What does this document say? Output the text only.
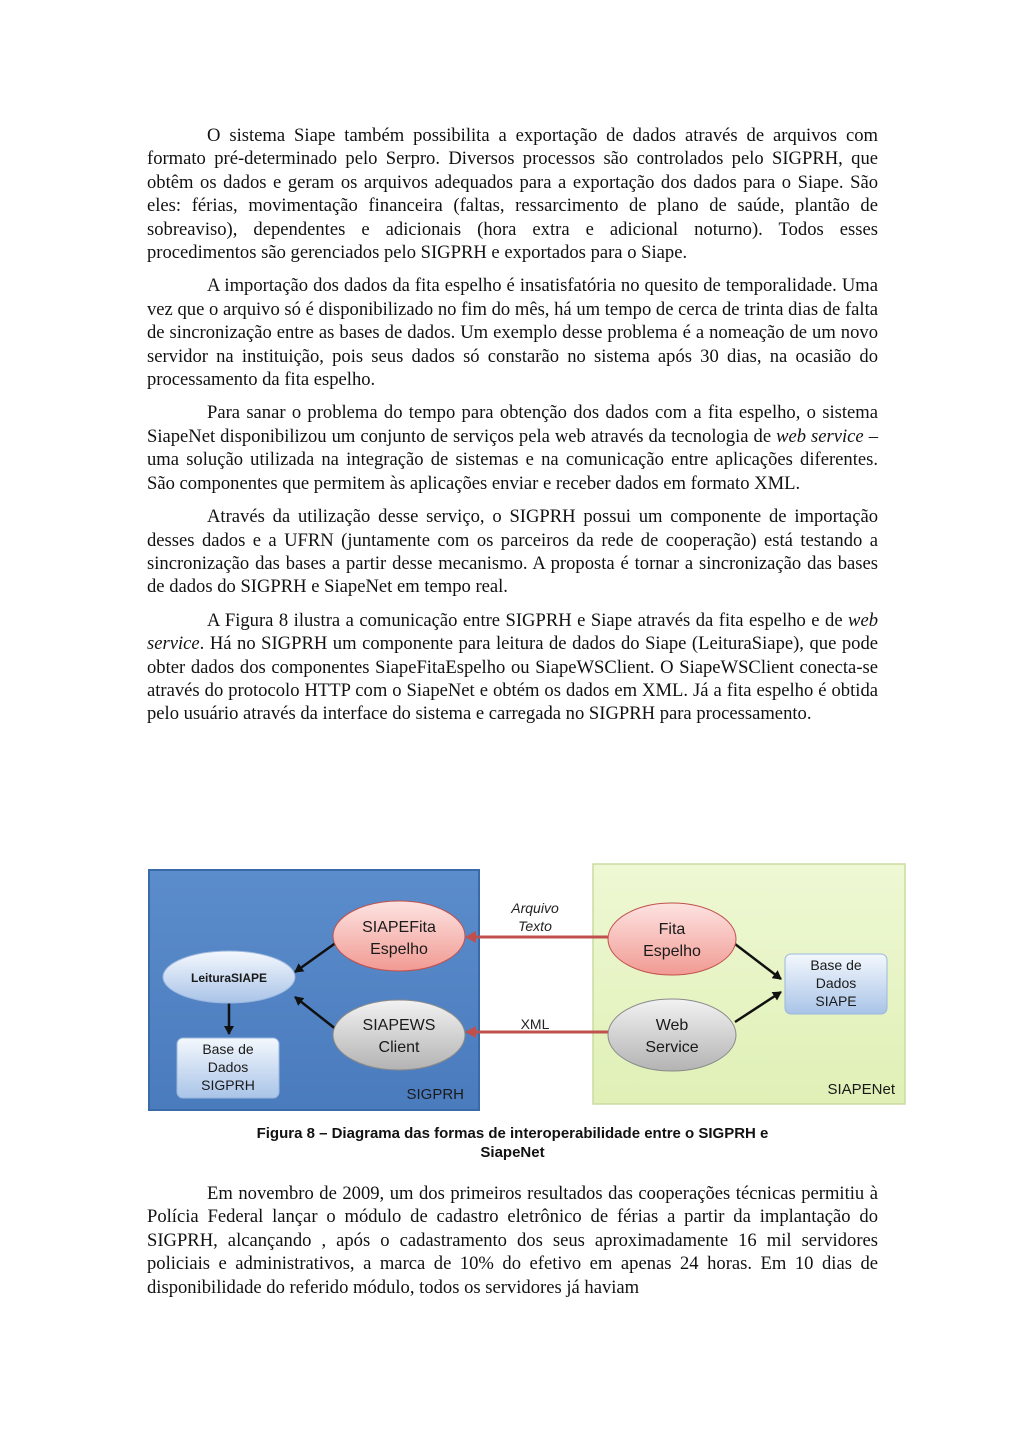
O sistema Siape também possibilita a exportação de dados através de arquivos com formato pré-determinado pelo Serpro. Diversos processos são controlados pelo SIGPRH, que obtêm os dados e geram os arquivos adequados para a exportação dos dados para o Siape. São eles: férias, movimentação financeira (faltas, ressarcimento de plano de saúde, plantão de sobreaviso), dependentes e adicionais (hora extra e adicional noturno). Todos esses procedimentos são gerenciados pelo SIGPRH e exportados para o Siape.

A importação dos dados da fita espelho é insatisfatória no quesito de temporalidade. Uma vez que o arquivo só é disponibilizado no fim do mês, há um tempo de cerca de trinta dias de falta de sincronização entre as bases de dados. Um exemplo desse problema é a nomeação de um novo servidor na instituição, pois seus dados só constarão no sistema após 30 dias, na ocasião do processamento da fita espelho.

Para sanar o problema do tempo para obtenção dos dados com a fita espelho, o sistema SiapeNet disponibilizou um conjunto de serviços pela web através da tecnologia de web service – uma solução utilizada na integração de sistemas e na comunicação entre aplicações diferentes. São componentes que permitem às aplicações enviar e receber dados em formato XML.

Através da utilização desse serviço, o SIGPRH possui um componente de importação desses dados e a UFRN (juntamente com os parceiros da rede de cooperação) está testando a sincronização das bases a partir desse mecanismo. A proposta é tornar a sincronização das bases de dados do SIGPRH e SiapeNet em tempo real.

A Figura 8 ilustra a comunicação entre SIGPRH e Siape através da fita espelho e de web service. Há no SIGPRH um componente para leitura de dados do Siape (LeituraSiape), que pode obter dados dos componentes SiapeFitaEspelho ou SiapeWSClient. O SiapeWSClient conecta-se através do protocolo HTTP com o SiapeNet e obtém os dados em XML. Já a fita espelho é obtida pelo usuário através da interface do sistema e carregada no SIGPRH para processamento.

SIGPRH	SIAPENet
Arquivo
Texto
XML
LeituraSIAPE
SIAPEFita
Espelho
SIAPEWS
Client
Base de
Dados
SIGPRH
Fita
Espelho
Web
Service
Base de
Dados
SIAPE
Figura 8 – Diagrama das formas de interoperabilidade entre o SIGPRH e
SiapeNet

Em novembro de 2009, um dos primeiros resultados das cooperações técnicas permitiu à Polícia Federal lançar o módulo de cadastro eletrônico de férias a partir da implantação do SIGPRH, alcançando , após o cadastramento dos seus aproximadamente 16 mil servidores policiais e administrativos, a marca de 10% do efetivo em apenas 24 horas. Em 10 dias de disponibilidade do referido módulo, todos os servidores já haviam
